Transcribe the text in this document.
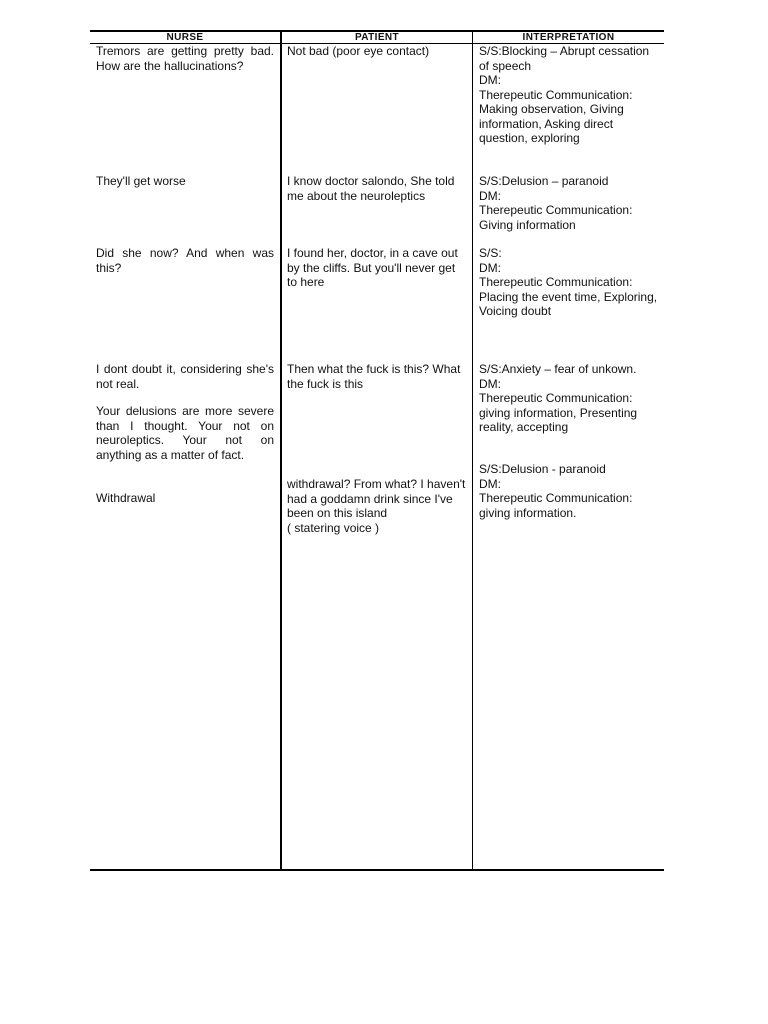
NURSE	PATIENT	INTERPRETATION
Tremors are getting pretty bad. How are the hallucinations?
They'll get worse
Did she now? And when was this?
I dont doubt it, considering she's not real.
Your delusions are more severe than I thought. Your not on neuroleptics. Your not on anything as a matter of fact.
Withdrawal
Not bad (poor eye contact)
I know doctor salondo, She told me about the neuroleptics
I found her, doctor, in a cave out by the cliffs. But you'll never get to here
Then what the fuck is this? What the fuck is this
withdrawal? From what? I haven't had a goddamn drink since I've been on this island
( statering voice )
S/S:Blocking – Abrupt cessation of speech
DM:
Therepeutic Communication: Making observation, Giving information, Asking direct question, exploring
S/S:Delusion – paranoid
DM:
Therepeutic Communication: Giving information
S/S:
DM:
Therepeutic Communication: Placing the event time, Exploring, Voicing doubt
S/S:Anxiety – fear of unkown.
DM:
Therepeutic Communication: giving information, Presenting reality, accepting
S/S:Delusion - paranoid
DM:
Therepeutic Communication: giving information.
